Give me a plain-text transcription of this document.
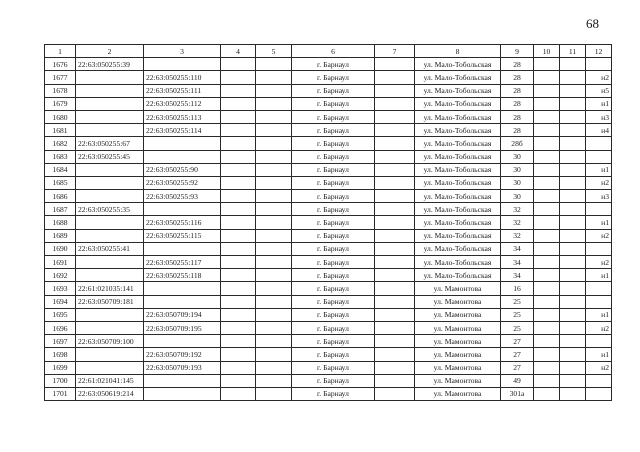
68
1	2	3	4	5	6	7	8	9	10	11	12
1676	22:63:050255:39				г. Барнаул		ул. Мало-Тобольская	28			
1677		22:63:050255:110			г. Барнаул		ул. Мало-Тобольская	28			н2
1678		22:63:050255:111			г. Барнаул		ул. Мало-Тобольская	28			н5
1679		22:63:050255:112			г. Барнаул		ул. Мало-Тобольская	28			н1
1680		22:63:050255:113			г. Барнаул		ул. Мало-Тобольская	28			н3
1681		22:63:050255:114			г. Барнаул		ул. Мало-Тобольская	28			н4
1682	22:63:050255:67				г. Барнаул		ул. Мало-Тобольская	28б			
1683	22:63:050255:45				г. Барнаул		ул. Мало-Тобольская	30			
1684		22:63:050255:90			г. Барнаул		ул. Мало-Тобольская	30			н1
1685		22:63:050255:92			г. Барнаул		ул. Мало-Тобольская	30			н2
1686		22:63:050255:93			г. Барнаул		ул. Мало-Тобольская	30			н3
1687	22:63:050255:35				г. Барнаул		ул. Мало-Тобольская	32			
1688		22:63:050255:116			г. Барнаул		ул. Мало-Тобольская	32			н1
1689		22:63:050255:115			г. Барнаул		ул. Мало-Тобольская	32			н2
1690	22:63:050255:41				г. Барнаул		ул. Мало-Тобольская	34			
1691		22:63:050255:117			г. Барнаул		ул. Мало-Тобольская	34			н2
1692		22:63:050255:118			г. Барнаул		ул. Мало-Тобольская	34			н1
1693	22:61:021035:141				г. Барнаул		ул. Мамонтова	16			
1694	22:63:050709:181				г. Барнаул		ул. Мамонтова	25			
1695		22:63:050709:194			г. Барнаул		ул. Мамонтова	25			н1
1696		22:63:050709:195			г. Барнаул		ул. Мамонтова	25			н2
1697	22:63:050709:100				г. Барнаул		ул. Мамонтова	27			
1698		22:63:050709:192			г. Барнаул		ул. Мамонтова	27			н1
1699		22:63:050709:193			г. Барнаул		ул. Мамонтова	27			н2
1700	22:61:021041:145				г. Барнаул		ул. Мамонтова	49			
1701	22:63:050619:214				г. Барнаул		ул. Мамонтова	301а			
